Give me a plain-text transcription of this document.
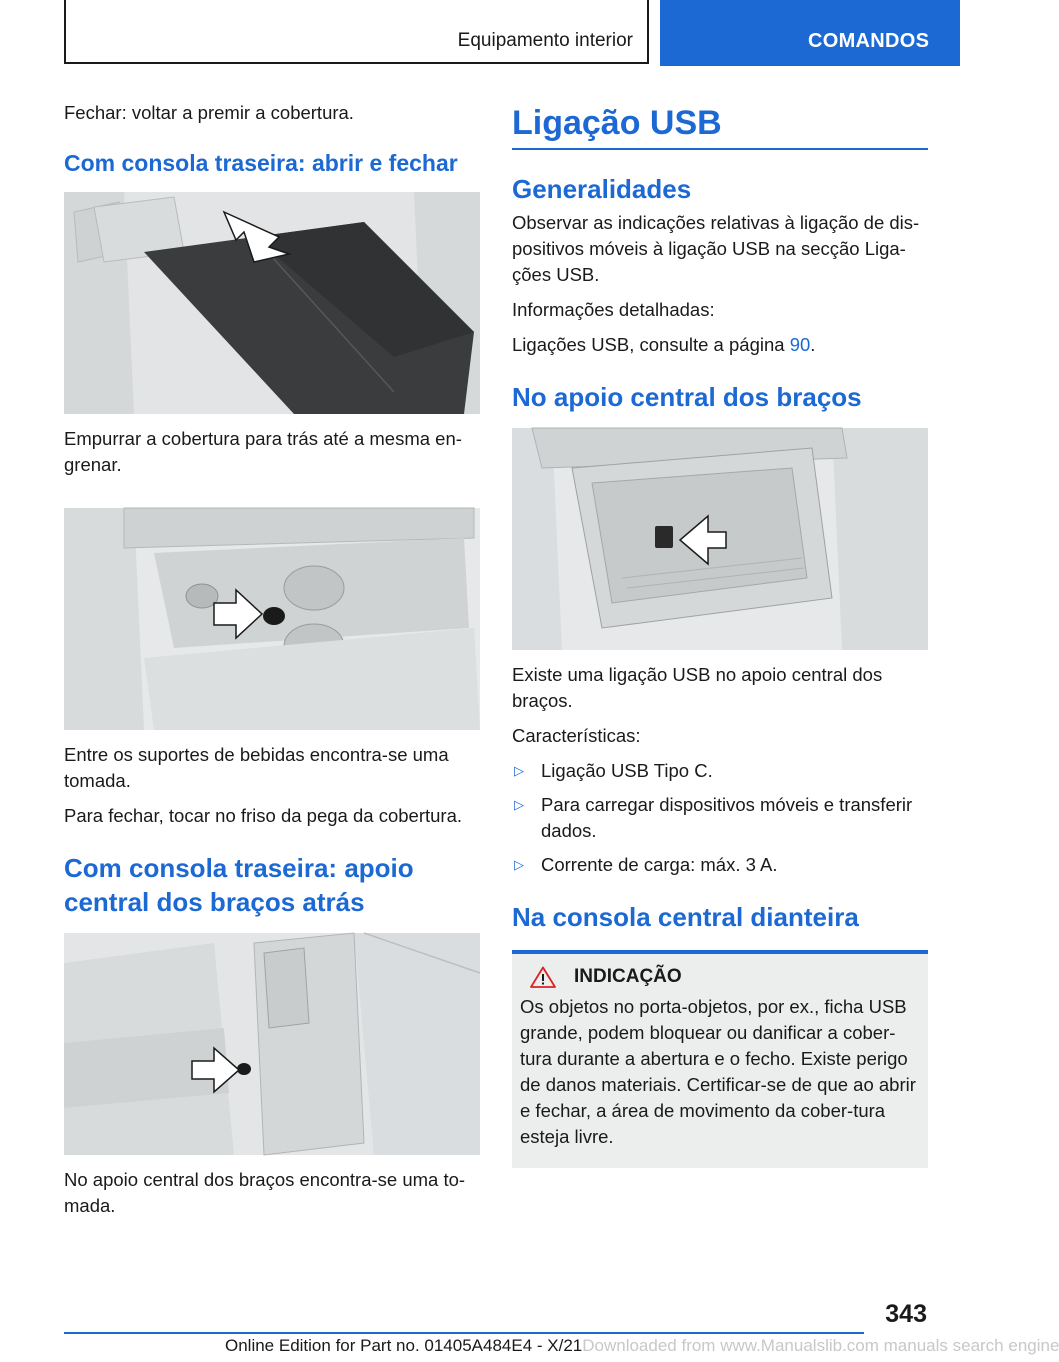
Equipamento interior	COMANDOS

Fechar: voltar a premir a cobertura.

Com consola traseira: abrir e fechar

Empurrar a cobertura para trás até a mesma en‐grenar.

Entre os suportes de bebidas encontra-se uma tomada.

Para fechar, tocar no friso da pega da cobertura.

Com consola traseira: apoio central dos braços atrás

No apoio central dos braços encontra-se uma to‐mada.

Ligação USB
Generalidades

Observar as indicações relativas à ligação de dis‐positivos móveis à ligação USB na secção Liga‐ções USB.

Informações detalhadas:

Ligações USB, consulte a página 90.

No apoio central dos braços

Existe uma ligação USB no apoio central dos braços.

Características:

▷ Ligação USB Tipo C.
▷ Para carregar dispositivos móveis e transferir dados.
▷ Corrente de carga: máx. 3 A.
Na consola central dianteira
INDICAÇÃO

Os objetos no porta-objetos, por ex., ficha USB grande, podem bloquear ou danificar a cober‐tura durante a abertura e o fecho. Existe perigo de danos materiais. Certificar-se de que ao abrir e fechar, a área de movimento da cober‐tura esteja livre.

343
Online Edition for Part no. 01405A484E4 - X/21Downloaded from www.Manualslib.com manuals search engine
